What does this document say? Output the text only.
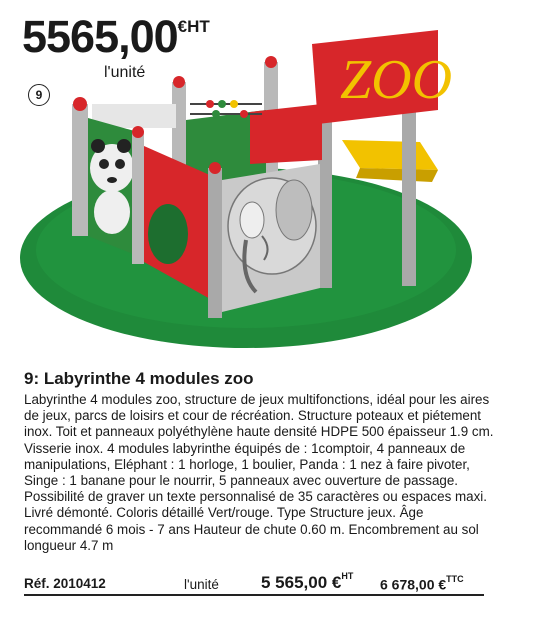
$5565,00^{€HT}$
l'unité
9	ZOO
9: Labyrinthe 4 modules zoo
Labyrinthe 4 modules zoo, structure de jeux multifonctions, idéal pour les aires de jeux, parcs de loisirs et cour de récréation. Structure poteaux et piétement inox. Toit et panneaux polyéthylène haute densité HDPE 500 épaisseur 1.9 cm. Visserie inox. 4 modules labyrinthe équipés de : 1comptoir, 4 panneaux de manipulations, Eléphant : 1 horloge, 1 boulier, Panda : 1 nez à faire pivoter, Singe : 1 banane pour le nourrir, 5 panneaux avec ouverture de passage. Possibilité de graver un texte personnalisé de 35 caractères ou espaces maxi. Livré démonté. Coloris détaillé Vert/rouge. Type Structure jeux. Âge recommandé 6 mois - 7 ans Hauteur de chute 0.60 m. Encombrement au sol longueur 4.7 m
Réf. 2010412	l'unité 5 565,00 €$^{HT}$
6 678,00 €$^{TTC}$
